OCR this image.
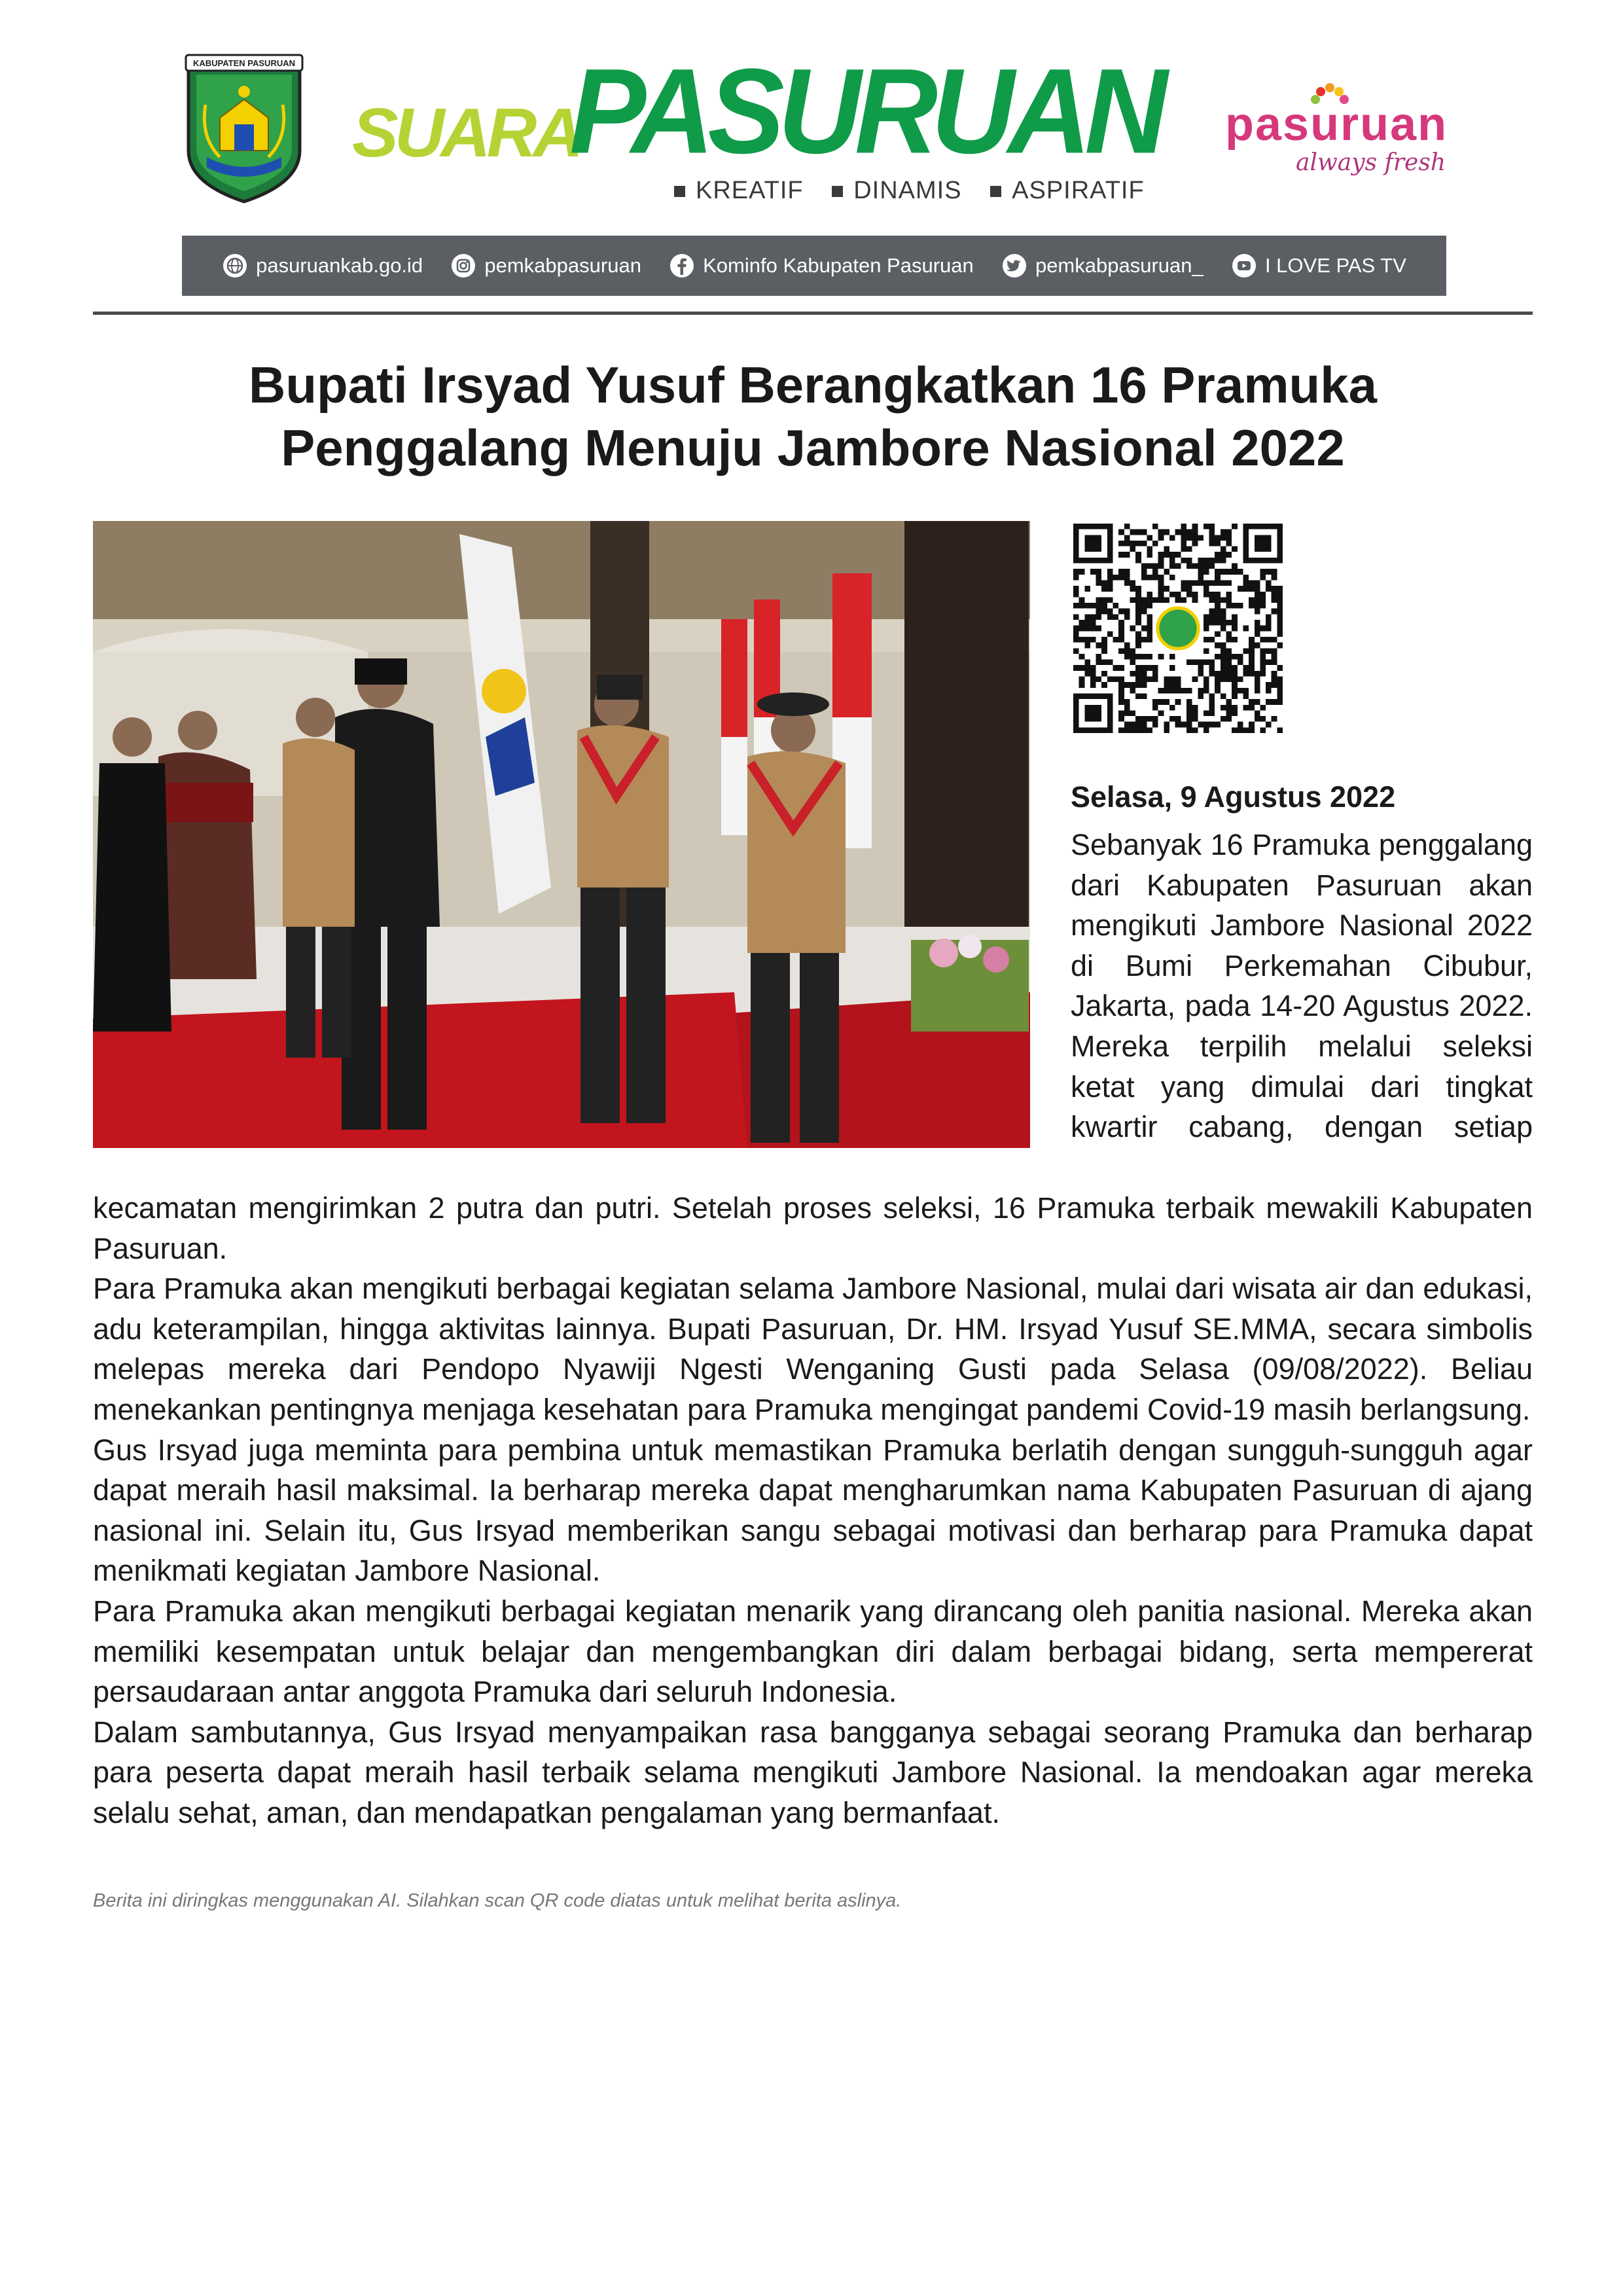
KABUPATEN PASURUAN
SUARA
PASURUAN
KREATIF DINAMIS ASPIRATIF
pasuruan
always fresh
pasuruankab.go.id	pemkabpasuruan	Kominfo Kabupaten Pasuruan	pemkabpasuruan_	I LOVE PAS TV
Bupati Irsyad Yusuf Berangkatkan 16 Pramuka
Penggalang Menuju Jambore Nasional 2022
Selasa, 9 Agustus 2022
Sebanyak 16 Pramuka penggalang dari Kabupaten Pasuruan akan mengikuti Jambore Nasional 2022 di Bumi Perkemahan Cibubur, Jakarta, pada 14-20 Agustus 2022. Mereka terpilih melalui seleksi ketat yang dimulai dari tingkat kwartir cabang, dengan setiap

kecamatan mengirimkan 2 putra dan putri. Setelah proses seleksi, 16 Pramuka terbaik mewakili Kabupaten Pasuruan.

Para Pramuka akan mengikuti berbagai kegiatan selama Jambore Nasional, mulai dari wisata air dan edukasi, adu keterampilan, hingga aktivitas lainnya. Bupati Pasuruan, Dr. HM. Irsyad Yusuf SE.MMA, secara simbolis melepas mereka dari Pendopo Nyawiji Ngesti Wenganing Gusti pada Selasa (09/08/2022). Beliau menekankan pentingnya menjaga kesehatan para Pramuka mengingat pandemi Covid-19 masih berlangsung.

Gus Irsyad juga meminta para pembina untuk memastikan Pramuka berlatih dengan sungguh-sungguh agar dapat meraih hasil maksimal. Ia berharap mereka dapat mengharumkan nama Kabupaten Pasuruan di ajang nasional ini. Selain itu, Gus Irsyad memberikan sangu sebagai motivasi dan berharap para Pramuka dapat menikmati kegiatan Jambore Nasional.

Para Pramuka akan mengikuti berbagai kegiatan menarik yang dirancang oleh panitia nasional. Mereka akan memiliki kesempatan untuk belajar dan mengembangkan diri dalam berbagai bidang, serta mempererat persaudaraan antar anggota Pramuka dari seluruh Indonesia.

Dalam sambutannya, Gus Irsyad menyampaikan rasa bangganya sebagai seorang Pramuka dan berharap para peserta dapat meraih hasil terbaik selama mengikuti Jambore Nasional. Ia mendoakan agar mereka selalu sehat, aman, dan mendapatkan pengalaman yang bermanfaat.

Berita ini diringkas menggunakan AI. Silahkan scan QR code diatas untuk melihat berita aslinya.
